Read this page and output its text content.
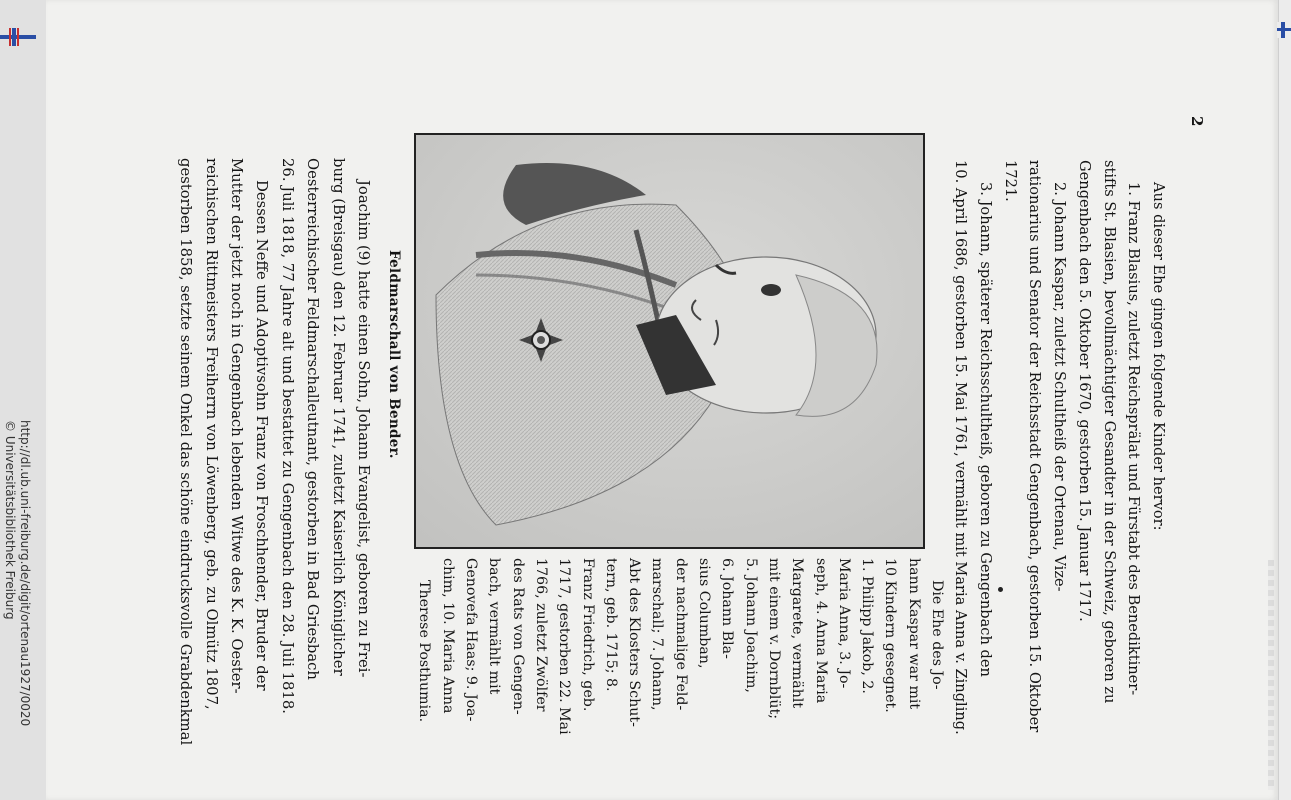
http://dl.ub.uni-freiburg.de/digit/ortenau1927/0020
© Universitätsbibliothek Freiburg
2

Aus dieser Ehe gingen folgende Kinder hervor:

1. Franz Blasius, zuletzt Reichsprälat und Fürstabt des Benediktiner-

stifts St. Blasien, bevollmächtigter Gesandter in der Schweiz, geboren zu

Gengenbach den 5. Oktober 1670, gestorben 15. Januar 1717.

2. Johann Kaspar, zuletzt Schultheiß der Ortenau, Vize-

rationarius und Senator der Reichsstadt Gengenbach, gestorben 15. Oktober

1721.

3. Johann, späterer Reichsschultheiß, geboren zu Gengenbach den

10. April 1686, gestorben 15. Mai 1761, vermählt mit Maria Anna v. Zingling.

Die Ehe des Jo-

hann Kaspar war mit

10 Kindern gesegnet.

1. Philipp Jakob, 2.

Maria Anna, 3. Jo-

seph, 4. Anna Maria

Margarete, vermählt

mit einem v. Dornblüt;

5. Johann Joachim,

6. Johann Bla-

sius Columban,

der nachmalige Feld-

marschall; 7. Johann,

Abt des Klosters Schut-

tern, geb. 1715; 8.

Franz Friedrich, geb.

1717, gestorben 22. Mai

1766, zuletzt Zwölfer

des Rats von Gengen-

bach, vermählt mit

Genovefa Haas; 9. Joa-

chim, 10. Maria Anna

Therese Posthumia.

Feldmarschall von Bender.

Joachim (9) hatte einen Sohn, Johann Evangelist, geboren zu Frei-

burg (Breisgau) den 12. Februar 1741, zuletzt Kaiserlich Königlicher

Oesterreichischer Feldmarschalleutnant, gestorben in Bad Griesbach

26. Juli 1818, 77 Jahre alt und bestattet zu Gengenbach den 28. Juli 1818.

Dessen Neffe und Adoptivsohn Franz von Froschhender, Bruder der

Mutter der jetzt noch in Gengenbach lebenden Witwe des K. K. Oester-

reichischen Rittmeisters Freiherrn von Löwenberg, geb. zu Olmütz 1807,

gestorben 1858, setzte seinem Onkel das schöne eindrucksvolle Grabdenkmal
